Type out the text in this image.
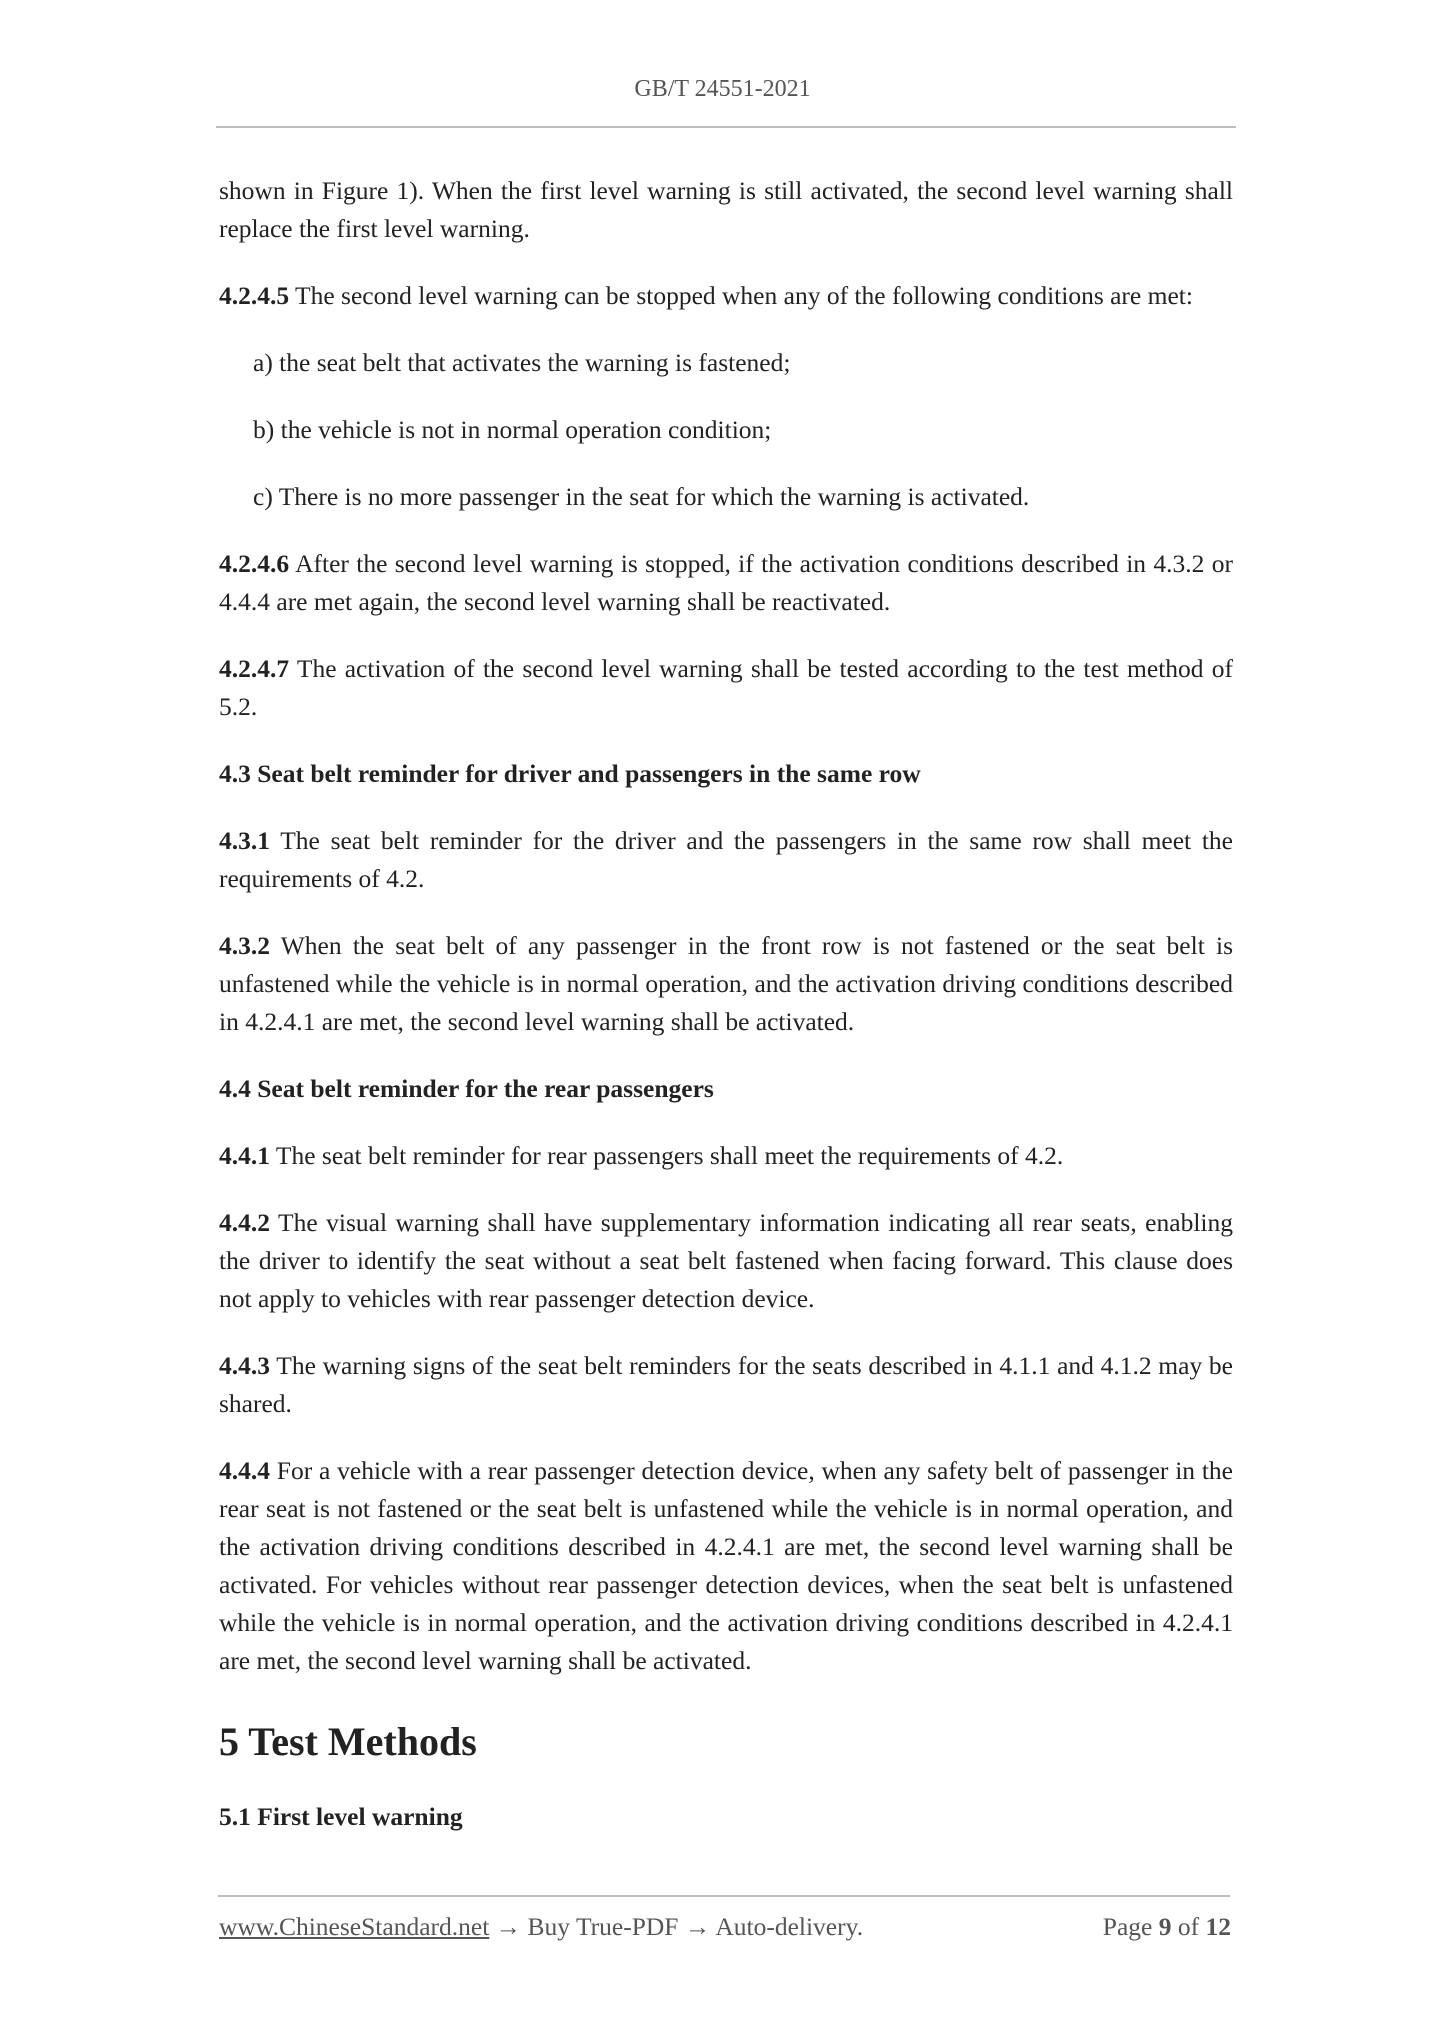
GB/T 24551-2021

shown in Figure 1). When the first level warning is still activated, the second level warning shall replace the first level warning.

4.2.4.5 The second level warning can be stopped when any of the following conditions are met:

a) the seat belt that activates the warning is fastened;

b) the vehicle is not in normal operation condition;

c) There is no more passenger in the seat for which the warning is activated.

4.2.4.6 After the second level warning is stopped, if the activation conditions described in 4.3.2 or 4.4.4 are met again, the second level warning shall be reactivated.

4.2.4.7 The activation of the second level warning shall be tested according to the test method of 5.2.

4.3 Seat belt reminder for driver and passengers in the same row

4.3.1 The seat belt reminder for the driver and the passengers in the same row shall meet the requirements of 4.2.

4.3.2 When the seat belt of any passenger in the front row is not fastened or the seat belt is unfastened while the vehicle is in normal operation, and the activation driving conditions described in 4.2.4.1 are met, the second level warning shall be activated.

4.4 Seat belt reminder for the rear passengers

4.4.1 The seat belt reminder for rear passengers shall meet the requirements of 4.2.

4.4.2 The visual warning shall have supplementary information indicating all rear seats, enabling the driver to identify the seat without a seat belt fastened when facing forward. This clause does not apply to vehicles with rear passenger detection device.

4.4.3 The warning signs of the seat belt reminders for the seats described in 4.1.1 and 4.1.2 may be shared.

4.4.4 For a vehicle with a rear passenger detection device, when any safety belt of passenger in the rear seat is not fastened or the seat belt is unfastened while the vehicle is in normal operation, and the activation driving conditions described in 4.2.4.1 are met, the second level warning shall be activated. For vehicles without rear passenger detection devices, when the seat belt is unfastened while the vehicle is in normal operation, and the activation driving conditions described in 4.2.4.1 are met, the second level warning shall be activated.

5 Test Methods

5.1 First level warning

www.ChineseStandard.net → Buy True-PDF → Auto-delivery.	Page 9 of 12
